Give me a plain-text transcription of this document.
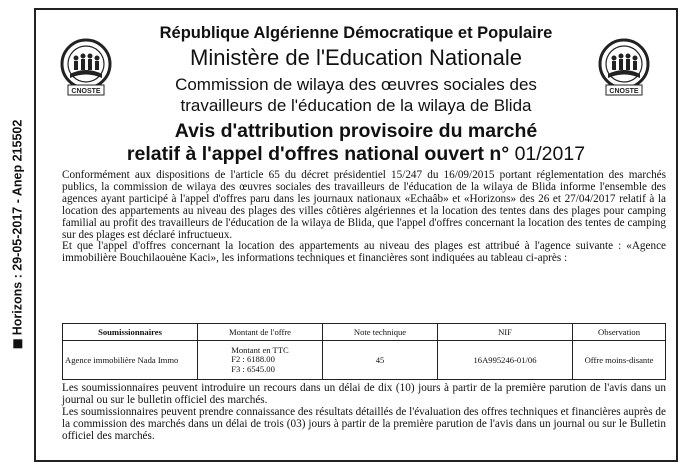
Horizons : 29-05-2017 - Anep 215502
République Algérienne Démocratique et Populaire
Ministère de l'Education Nationale
Commission de wilaya des œuvres sociales des
travailleurs de l'éducation de la wilaya de Blida
Avis d'attribution provisoire du marché
relatif à l'appel d'offres national ouvert n° 01/2017
CNOSTE	CNOSTE

Conformément aux dispositions de l'article 65 du décret présidentiel 15/247 du 16/09/2015 portant réglementation des marchés publics, la commission de wilaya des œuvres sociales des travailleurs de l'éducation de la wilaya de Blida informe l'ensemble des agences ayant participé à l'appel d'offres paru dans les journaux nationaux «Echaâb» et «Horizons» des 26 et 27/04/2017 relatif à la location des appartements au niveau des plages des villes côtières algériennes et la location des tentes dans des plages pour camping familial au profit des travailleurs de l'éducation de la wilaya de Blida, que l'appel d'offres concernant la location des tentes de camping sur des plages est déclaré infructueux.

Et que l'appel d'offres concernant la location des appartements au niveau des plages est attribué à l'agence suivante : «Agence immobilière Bouchilaouène Kaci», les informations techniques et financières sont indiquées au tableau ci-après :

Soumissionnaires	Montant de l'offre	Note technique	NIF	Observation
Agence immobilière Nada Immo	Montant en TTC
F2 : 6188.00
F3 : 6545.00	45	16A995246-01/06	Offre moins-disante

Les soumissionnaires peuvent introduire un recours dans un délai de dix (10) jours à partir de la première parution de l'avis dans un journal ou sur le bulletin officiel des marchés.

Les soumissionnaires peuvent prendre connaissance des résultats détaillés de l'évaluation des offres techniques et financières auprès de la commission des marchés dans un délai de trois (03) jours à partir de la première parution de l'avis dans un journal ou sur le Bulletin officiel des marchés.
